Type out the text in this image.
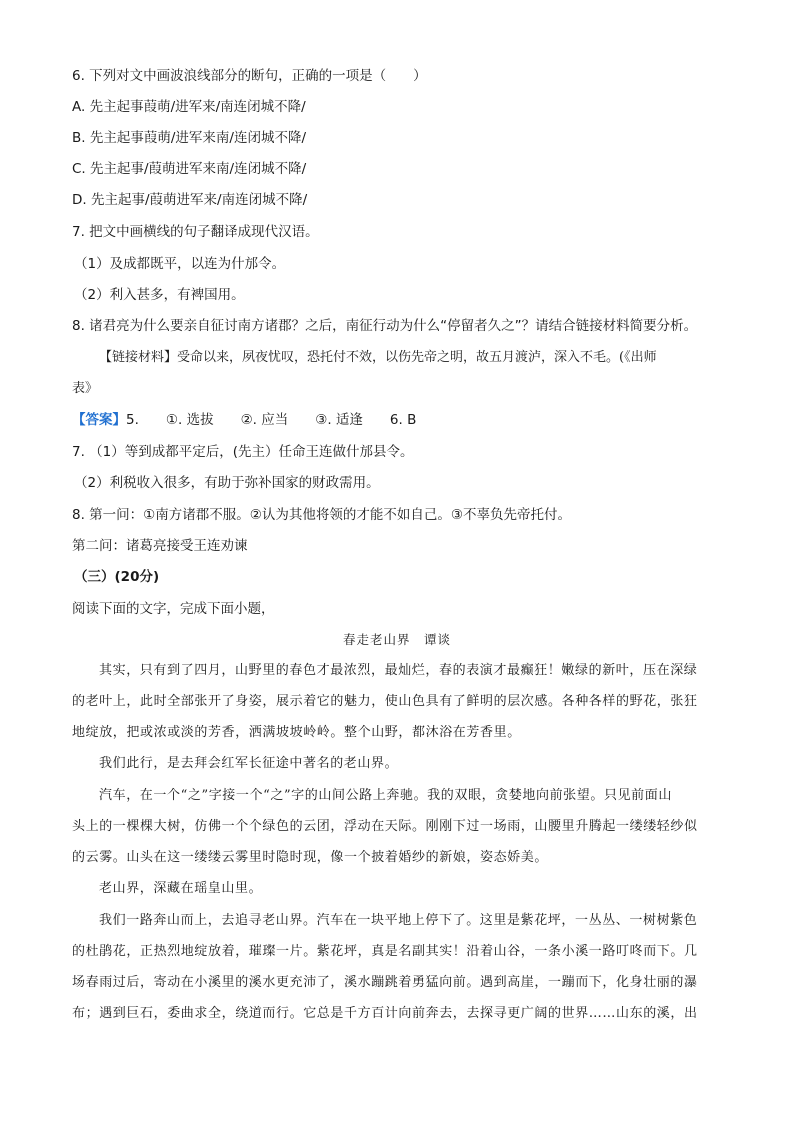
6. 下列对文中画波浪线部分的断句，正确的一项是（　　）
A. 先主起事葭萌/进军来/南连闭城不降/
B. 先主起事葭萌/进军来南/连闭城不降/
C. 先主起事/葭萌进军来南/连闭城不降/
D. 先主起事/葭萌进军来/南连闭城不降/
7. 把文中画横线的句子翻译成现代汉语。
（1）及成都既平，以连为什邡令。
（2）利入甚多，有裨国用。
8. 诸君亮为什么要亲自征讨南方诸郡？之后，南征行动为什么“停留者久之”？请结合链接材料简要分析。
【链接材料】受命以来，夙夜忧叹，恐托付不效，以伤先帝之明，故五月渡泸，深入不毛。(《出师
表》
【答案】5.　　①. 选拔　　②. 应当　　③. 适逢　　6. B
7. （1）等到成都平定后，(先主）任命王连做什邡县令。
（2）利税收入很多，有助于弥补国家的财政需用。
8. 第一问：①南方诸郡不服。②认为其他将领的才能不如自己。③不辜负先帝托付。
第二问：诸葛亮接受王连劝谏
（三）(20分)
阅读下面的文字，完成下面小题，
春走老山界　谭谈
其实，只有到了四月，山野里的春色才最浓烈，最灿烂，春的表演才最癫狂！嫩绿的新叶，压在深绿
的老叶上，此时全部张开了身姿，展示着它的魅力，使山色具有了鲜明的层次感。各种各样的野花，张狂
地绽放，把或浓或淡的芳香，洒满坡坡岭岭。整个山野，都沐浴在芳香里。
我们此行，是去拜会红军长征途中著名的老山界。
汽车，在一个“之”字接一个“之”字的山间公路上奔驰。我的双眼，贪婪地向前张望。只见前面山
头上的一棵棵大树，仿佛一个个绿色的云团，浮动在天际。刚刚下过一场雨，山腰里升腾起一缕缕轻纱似
的云雾。山头在这一缕缕云雾里时隐时现，像一个披着婚纱的新娘，姿态娇美。
老山界，深藏在瑶皇山里。
我们一路奔山而上，去追寻老山界。汽车在一块平地上停下了。这里是紫花坪，一丛丛、一树树紫色
的杜鹃花，正热烈地绽放着，璀璨一片。紫花坪，真是名副其实！沿着山谷，一条小溪一路叮咚而下。几
场春雨过后，寄动在小溪里的溪水更充沛了，溪水蹦跳着勇猛向前。遇到高崖，一蹦而下，化身壮丽的瀑
布；遇到巨石，委曲求全，绕道而行。它总是千方百计向前奔去，去探寻更广阔的世界……山东的溪，出
